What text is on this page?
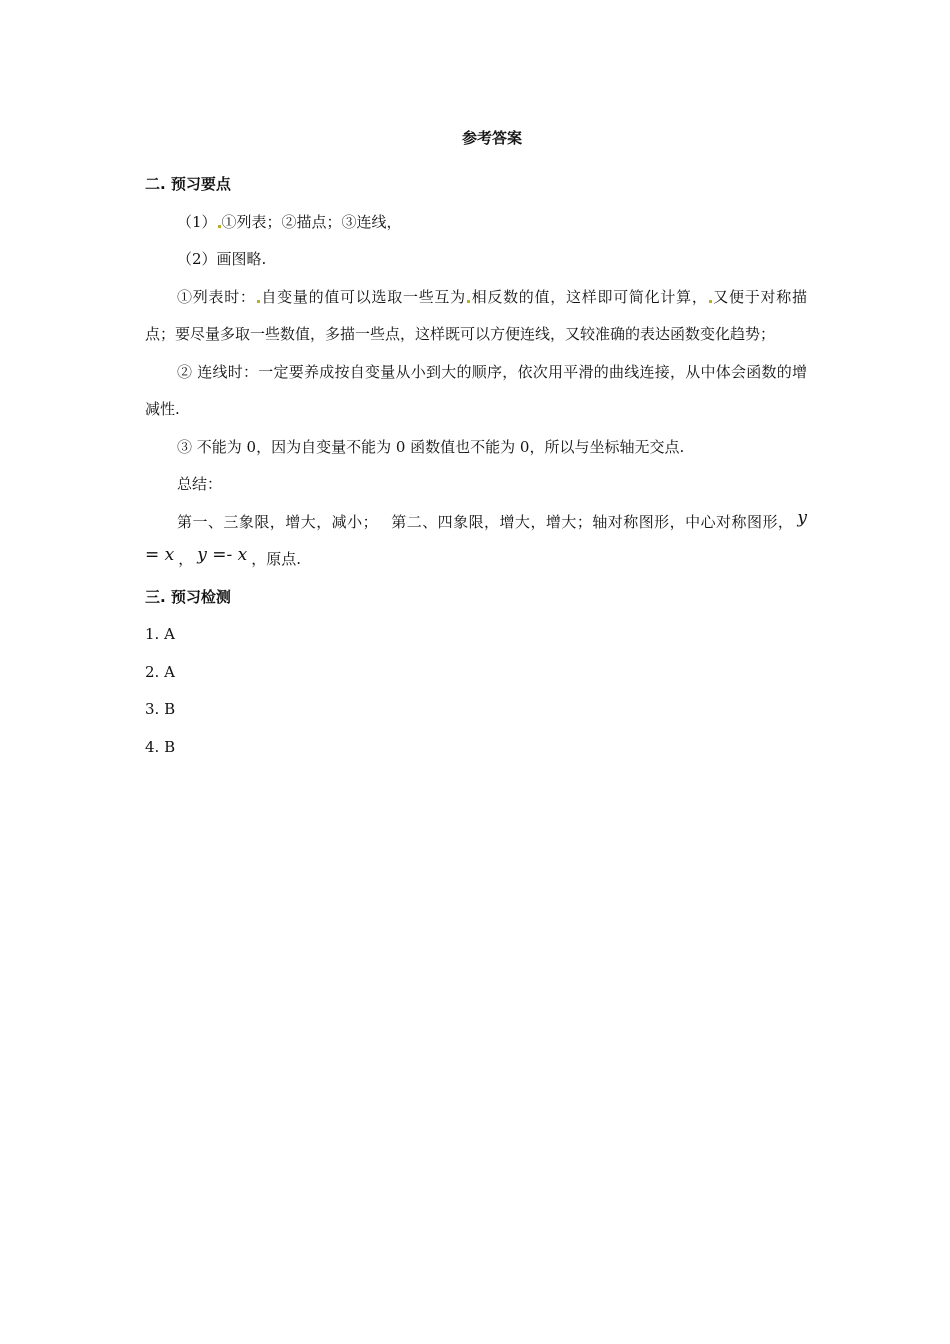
参考答案

二. 预习要点

（1） ①列表；②描点；③连线，

（2）画图略.

①列表时： 自变量的值可以选取一些互为 相反数的值，这样即可简化计算， 又便于对称描点；要尽量多取一些数值，多描一些点，这样既可以方便连线，又较准确的表达函数变化趋势；

② 连线时：一定要养成按自变量从小到大的顺序，依次用平滑的曲线连接，从中体会函数的增减性.

③ 不能为 0，因为自变量不能为 0 函数值也不能为 0，所以与坐标轴无交点.

总结：

第一、三象限，增大，减小；　 第二、四象限，增大，增大；轴对称图形，中心对称图形， y = x ， y =- x ，原点.

三. 预习检测

1. A

2. A

3. B

4. B
